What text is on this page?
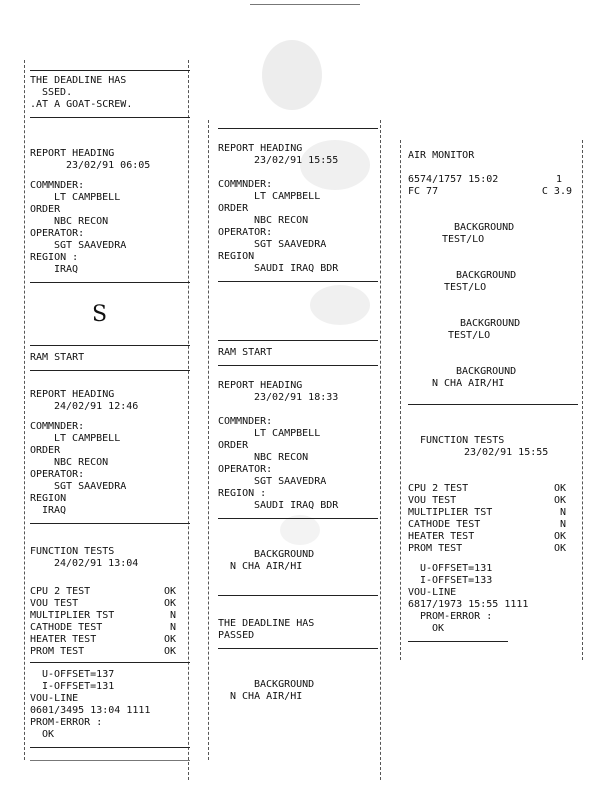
S
THE DEADLINE HAS
SSED.
.AT A GOAT-SCREW.
REPORT HEADING
23/02/91 06:05
COMMNDER:
LT CAMPBELL
ORDER
NBC RECON
OPERATOR:
SGT SAAVEDRA
REGION :
IRAQ
RAM START
REPORT HEADING
24/02/91 12:46
COMMNDER:
LT CAMPBELL
ORDER
NBC RECON
OPERATOR:
SGT SAAVEDRA
REGION
IRAQ
FUNCTION TESTS
24/02/91 13:04
CPU 2 TEST	OK
VOU TEST	OK
MULTIPLIER TST	N
CATHODE TEST	N
HEATER TEST	OK
PROM TEST	OK
U-OFFSET=137
I-OFFSET=131
VOU-LINE
0601/3495 13:04 1111
PROM-ERROR :
OK
REPORT HEADING
23/02/91 15:55
COMMNDER:
LT CAMPBELL
ORDER
NBC RECON
OPERATOR:
SGT SAAVEDRA
REGION
SAUDI IRAQ BDR
RAM START
REPORT HEADING
23/02/91 18:33
COMMNDER:
LT CAMPBELL
ORDER
NBC RECON
OPERATOR:
SGT SAAVEDRA
REGION :
SAUDI IRAQ BDR
BACKGROUND
N CHA AIR/HI
THE DEADLINE HAS
PASSED
BACKGROUND
N CHA AIR/HI
AIR MONITOR
6574/1757 15:02	1
FC 77	C 3.9
BACKGROUND
TEST/LO
BACKGROUND
TEST/LO
BACKGROUND
TEST/LO
BACKGROUND
N CHA AIR/HI
FUNCTION TESTS
23/02/91 15:55
CPU 2 TEST	OK
VOU TEST	OK
MULTIPLIER TST	N
CATHODE TEST	N
HEATER TEST	OK
PROM TEST	OK
U-OFFSET=131
I-OFFSET=133
VOU-LINE
6817/1973 15:55 1111
PROM-ERROR :
OK
